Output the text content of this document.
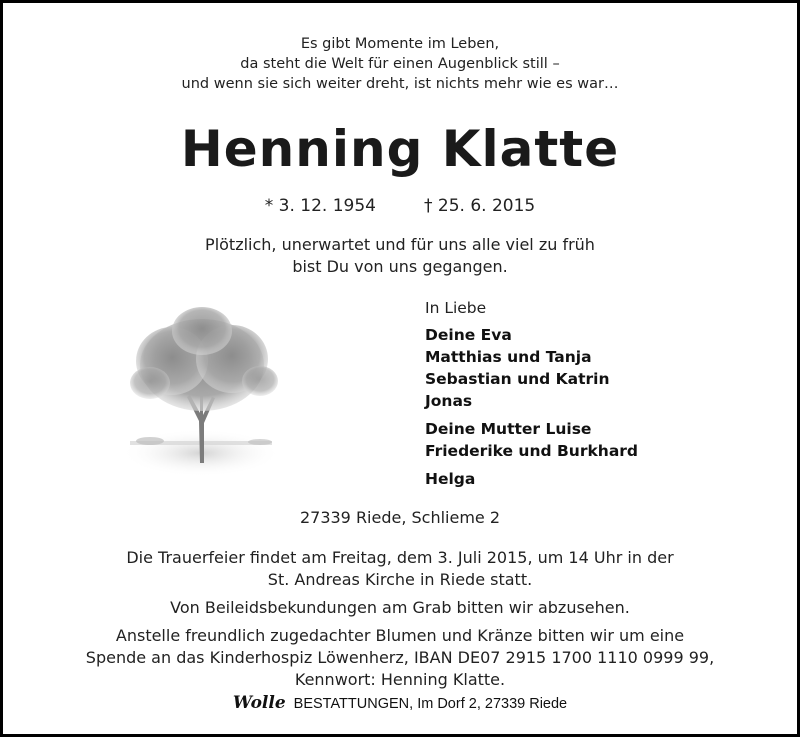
Es gibt Momente im Leben,
da steht die Welt für einen Augenblick still –
und wenn sie sich weiter dreht, ist nichts mehr wie es war…
Henning Klatte
* 3. 12. 1954	† 25. 6. 2015
Plötzlich, unerwartet und für uns alle viel zu früh
bist Du von uns gegangen.
In Liebe
Deine Eva
Matthias und Tanja
Sebastian und Katrin
Jonas
Deine Mutter Luise
Friederike und Burkhard
Helga
27339 Riede, Schlieme 2
Die Trauerfeier findet am Freitag, dem 3. Juli 2015, um 14 Uhr in der
St. Andreas Kirche in Riede statt.
Von Beileidsbekundungen am Grab bitten wir abzusehen.
Anstelle freundlich zugedachter Blumen und Kränze bitten wir um eine
Spende an das Kinderhospiz Löwenherz, IBAN DE07 2915 1700 1110 0999 99,
Kennwort: Henning Klatte.
Wolle BESTATTUNGEN, Im Dorf 2, 27339 Riede
